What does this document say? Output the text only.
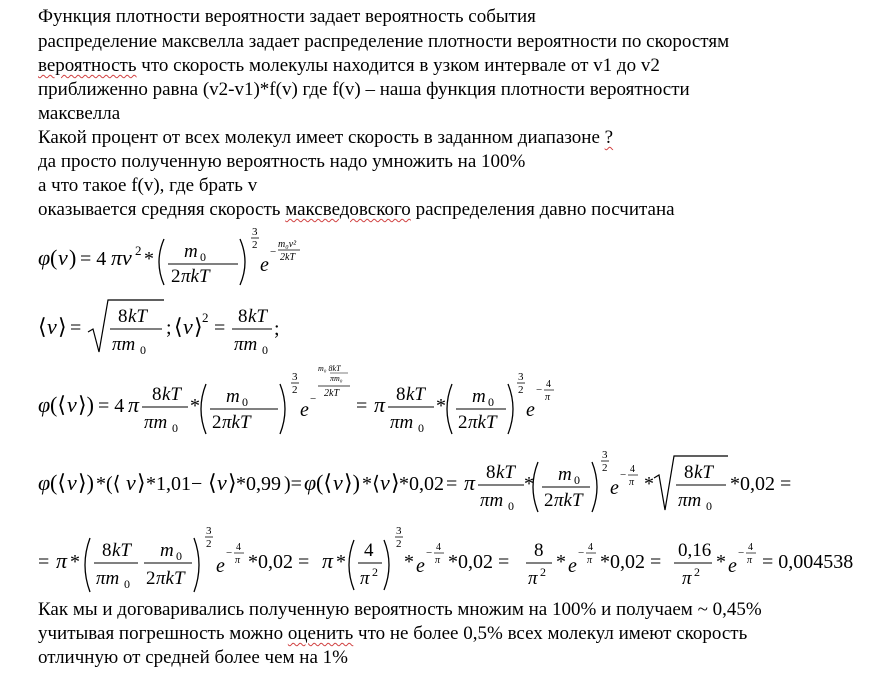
Функция плотности вероятности задает вероятность события
распределение максвелла задает распределение плотности вероятности по скоростям
вероятность что скорость молекулы находится в узком интервале от v1 до v2
приближенно равна (v2-v1)*f(v) где f(v) – наша функция плотности вероятности
максвелла
Какой процент от всех молекул имеет скорость в заданном диапазоне ?
да просто полученную вероятность надо умножить на 100%
а что такое f(v), где брать v
оказывается средняя скорость максведовского распределения давно посчитана
φ ( v ) = 4 πv 2 * m 0
2 πkT
3
2
e
−
m₀v²
2kT
⟨ v ⟩ =
8 kT
πm 0
; ⟨ v ⟩ 2 =
8 kT
πm 0
;
φ (⟨ v ⟩) = 4 π 8 kT
πm 0
* m 0
2 πkT
3
2
e −
m₀ 8kT
πm₀
2kT
= π 8 kT
πm 0
* m 0
2 πkT
3
2
e
− 4
π
φ (⟨ v ⟩) *(⟨ v ⟩ *1,01− ⟨ v ⟩ *0,99 )= φ (⟨ v ⟩) *⟨ v ⟩ *0,02 = π 8 kT
πm 0
* m 0
2 πkT
3
2
e
− 4
π *
8 kT
πm 0
*0,02 =
= π *
8 kT
πm 0
m 0
2 πkT
3
2
e
− 4
π *0,02 = π *
4
π 2
3
2
* e
− 4
π *0,02 =
8
π 2 * e
− 4
π *0,02 =
0,16
π 2 * e
− 4
π = 0,004538
Как мы и договаривались полученную вероятность множим на 100% и получаем ~ 0,45%
учитывая погрешность можно оценить что не более 0,5% всех молекул имеют скорость
отличную от средней более чем на 1%
